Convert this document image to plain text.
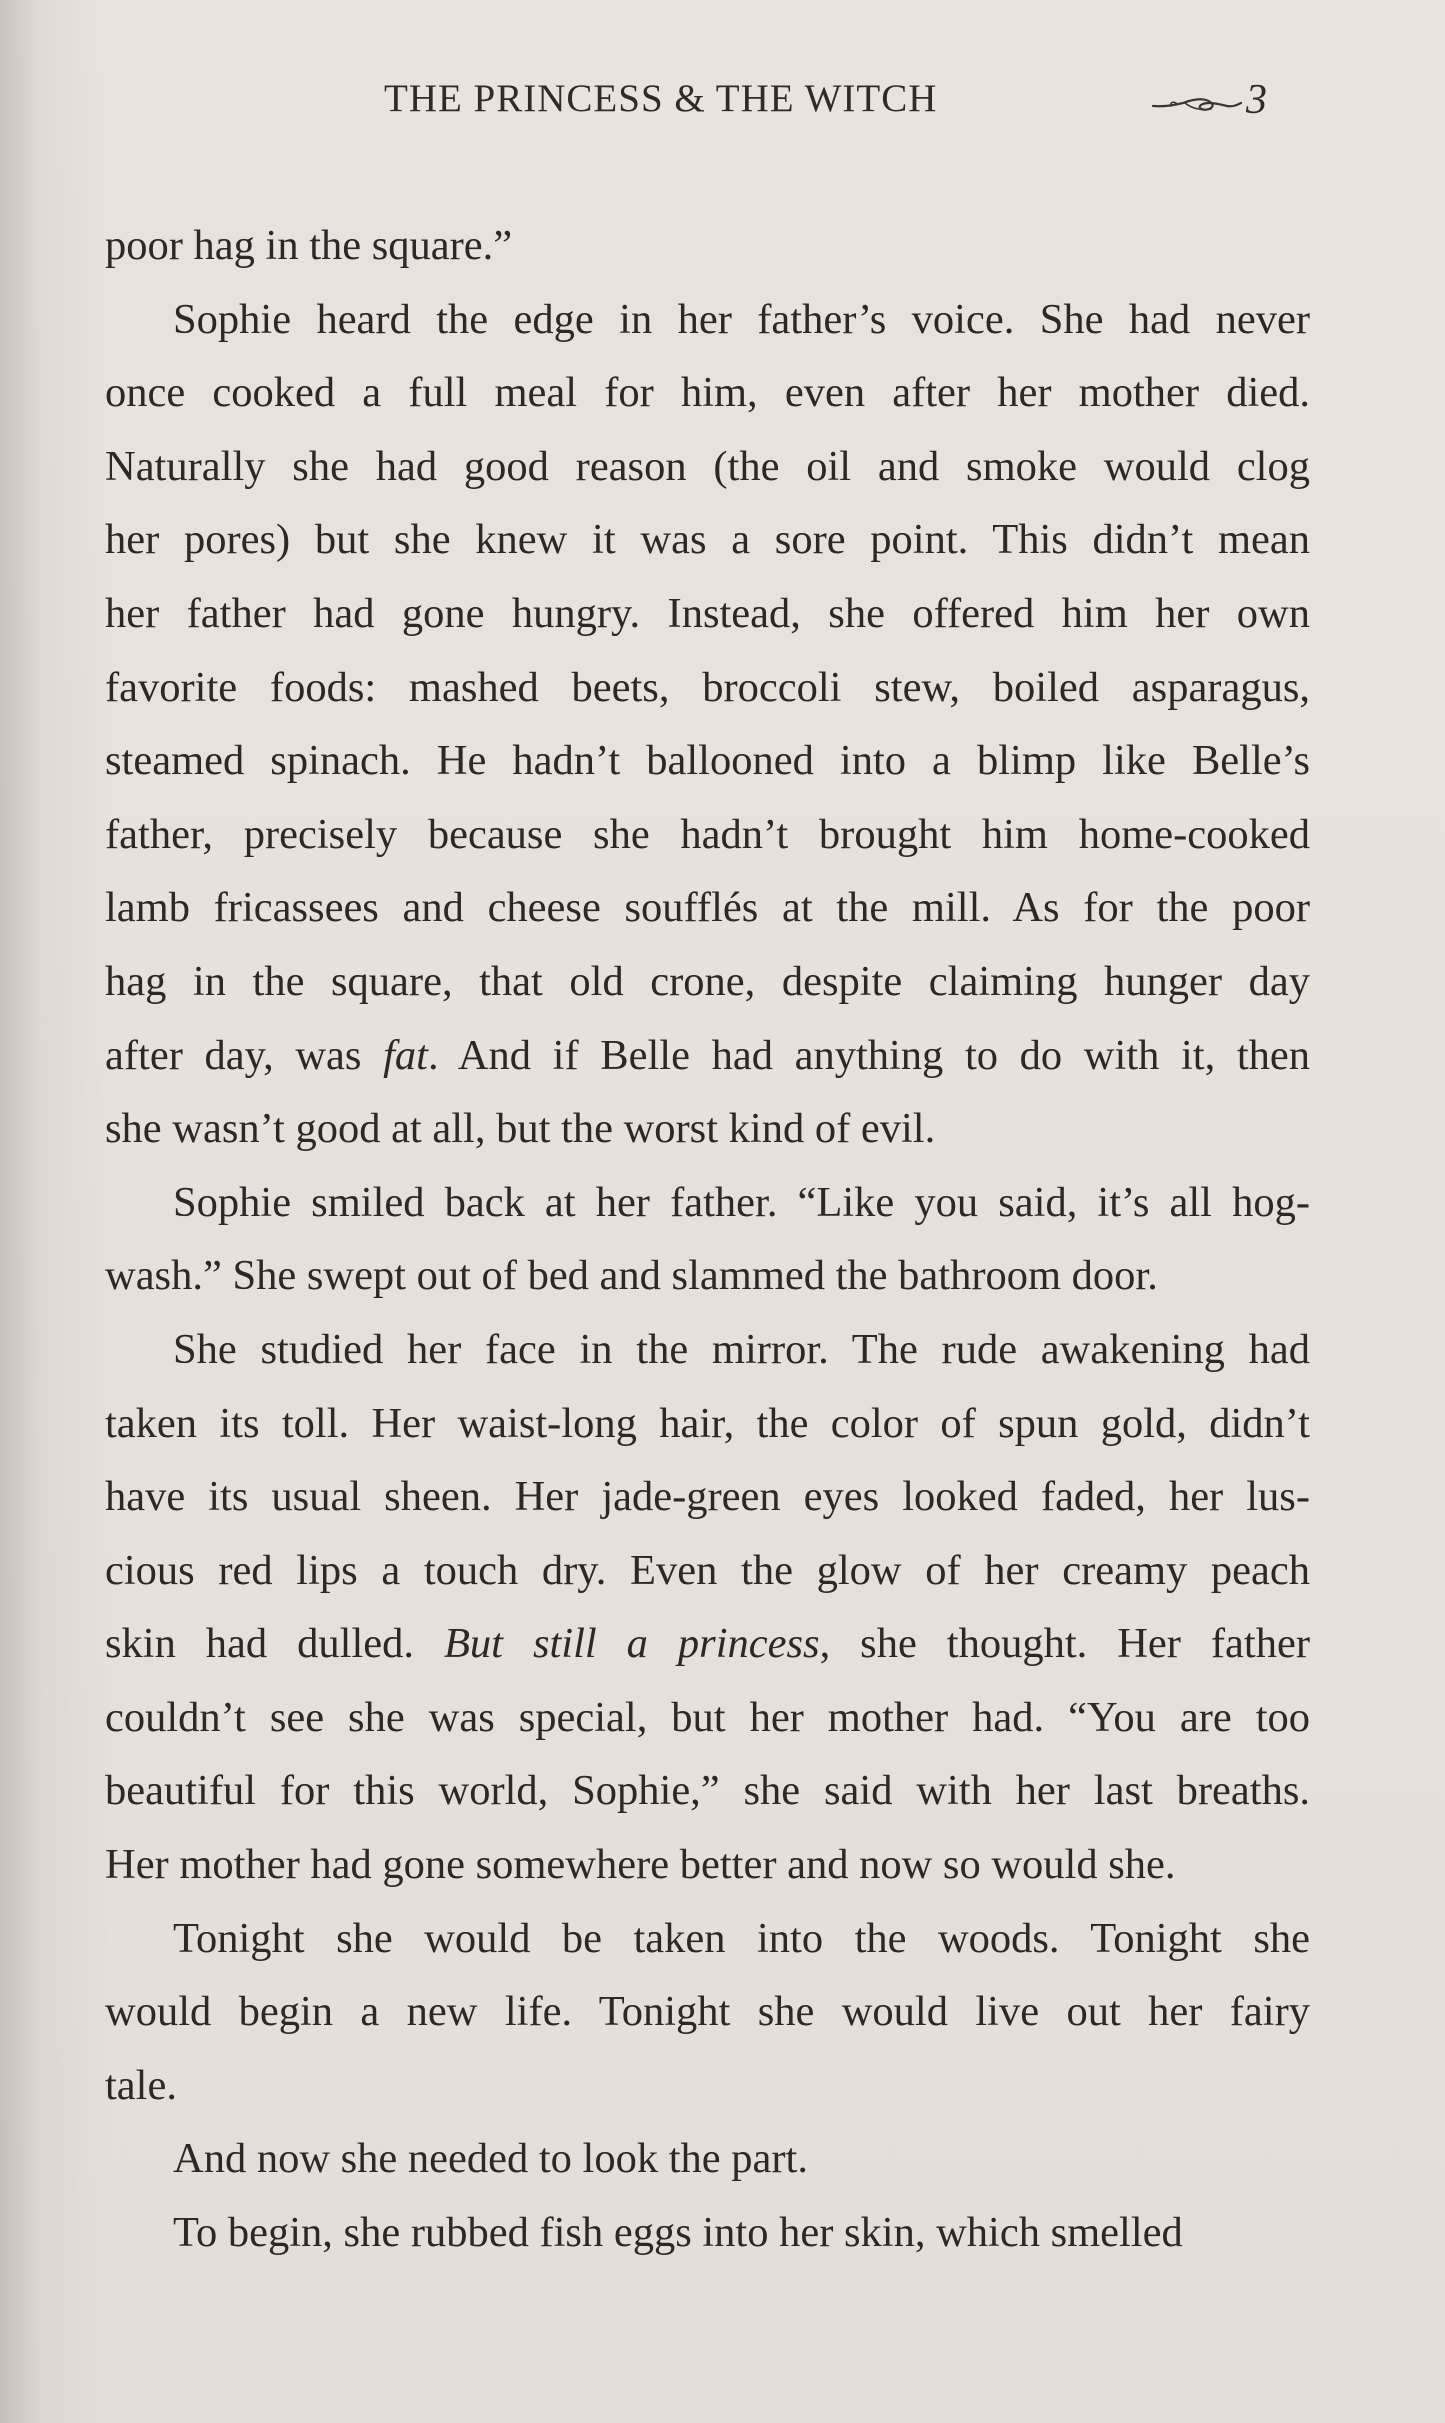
THE PRINCESS & THE WITCH	3
poor hag in the square.”
Sophie heard the edge in her father’s voice. She had never
once cooked a full meal for him, even after her mother died.
Naturally she had good reason (the oil and smoke would clog
her pores) but she knew it was a sore point. This didn’t mean
her father had gone hungry. Instead, she offered him her own
favorite foods: mashed beets, broccoli stew, boiled asparagus,
steamed spinach. He hadn’t ballooned into a blimp like Belle’s
father, precisely because she hadn’t brought him home-cooked
lamb fricassees and cheese soufflés at the mill. As for the poor
hag in the square, that old crone, despite claiming hunger day
after day, was fat. And if Belle had anything to do with it, then
she wasn’t good at all, but the worst kind of evil.
Sophie smiled back at her father. “Like you said, it’s all hog-
wash.” She swept out of bed and slammed the bathroom door.
She studied her face in the mirror. The rude awakening had
taken its toll. Her waist-long hair, the color of spun gold, didn’t
have its usual sheen. Her jade-green eyes looked faded, her lus-
cious red lips a touch dry. Even the glow of her creamy peach
skin had dulled. But still a princess, she thought. Her father
couldn’t see she was special, but her mother had. “You are too
beautiful for this world, Sophie,” she said with her last breaths.
Her mother had gone somewhere better and now so would she.
Tonight she would be taken into the woods. Tonight she
would begin a new life. Tonight she would live out her fairy
tale.
And now she needed to look the part.
To begin, she rubbed fish eggs into her skin, which smelled
